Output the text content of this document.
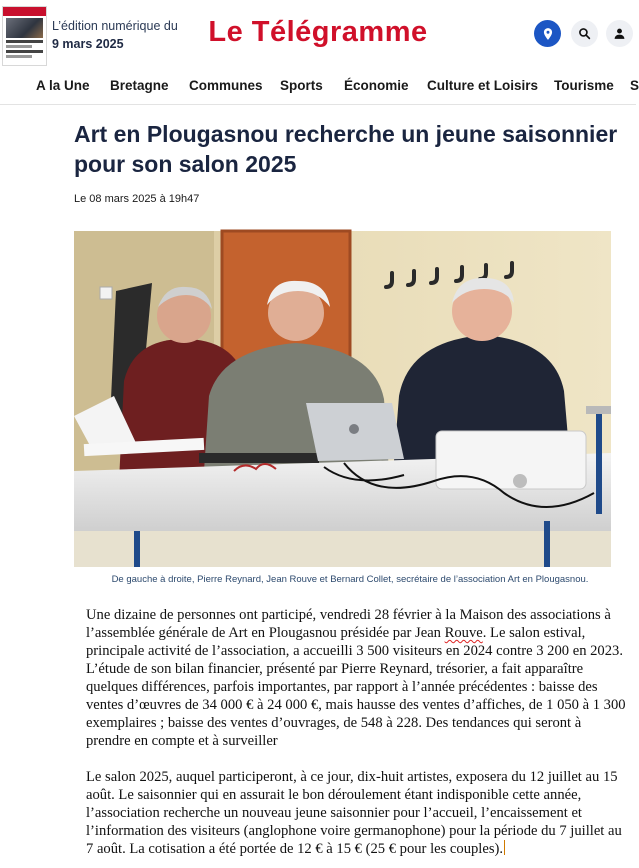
L’édition numérique du
9 mars 2025	Le Télégramme
A la Une Bretagne Communes Sports Économie Culture et Loisirs Tourisme S
Art en Plougasnou recherche un jeune saisonnier pour son salon 2025
Le 08 mars 2025 à 19h47
De gauche à droite, Pierre Reynard, Jean Rouve et Bernard Collet, secrétaire de l’association Art en Plougasnou.

Une dizaine de personnes ont participé, vendredi 28 février à la Maison des associations à l’assemblée générale de Art en Plougasnou présidée par Jean Rouve. Le salon estival, principale activité de l’association, a accueilli 3 500 visiteurs en 2024 contre 3 200 en 2023. L’étude de son bilan financier, présenté par Pierre Reynard, trésorier, a fait apparaître quelques différences, parfois importantes, par rapport à l’année précédentes : baisse des ventes d’œuvres de 34 000 € à 24 000 €, mais hausse des ventes d’affiches, de 1 050 à 1 300 exemplaires ; baisse des ventes d’ouvrages, de 548 à 228. Des tendances qui seront à prendre en compte et à surveiller

Le salon 2025, auquel participeront, à ce jour, dix-huit artistes, exposera du 12 juillet au 15 août. Le saisonnier qui en assurait le bon déroulement étant indisponible cette année, l’association recherche un nouveau jeune saisonnier pour l’accueil, l’encaissement et l’information des visiteurs (anglophone voire germanophone) pour la période du 7 juillet au 7 août. La cotisation a été portée de 12 € à 15 € (25 € pour les couples).
